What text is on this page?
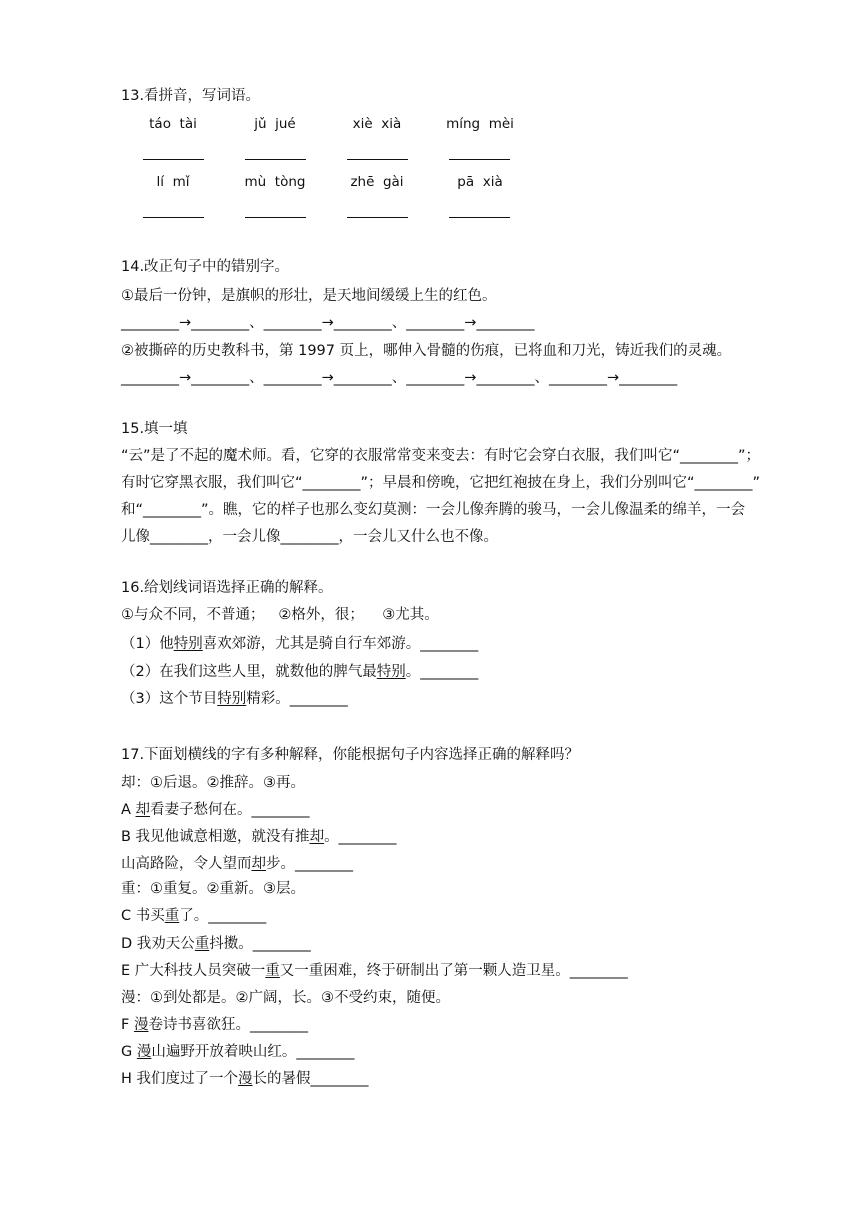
13.看拼音，写词语。

táo  tài	jǔ  jué	xiè  xià	míng  mèi
lí  mǐ	mù  tòng	zhē  gài	pā  xià

14.改正句子中的错别字。

①最后一份钟，是旗帜的形壮，是天地间缓缓上生的红色。

________→________、________→________、________→________

②被撕碎的历史教科书，第 1997 页上，哪伸入骨髓的伤痕，已将血和刀光，铸近我们的灵魂。

________→________、________→________、________→________、________→________

15.填一填

“云”是了不起的魔术师。看，它穿的衣服常常变来变去：有时它会穿白衣服，我们叫它“________”；

有时它穿黑衣服，我们叫它“________”；早晨和傍晚，它把红袍披在身上，我们分别叫它“________”

和“________”。瞧，它的样子也那么变幻莫测：一会儿像奔腾的骏马，一会儿像温柔的绵羊，一会

儿像________，一会儿像________，一会儿又什么也不像。

16.给划线词语选择正确的解释。

①与众不同，不普通；   ②格外，很；    ③尤其。

（1）他特别喜欢郊游，尤其是骑自行车郊游。________

（2）在我们这些人里，就数他的脾气最特别。________

（3）这个节目特别精彩。________

17.下面划横线的字有多种解释，你能根据句子内容选择正确的解释吗？

却：①后退。②推辞。③再。

A 却看妻子愁何在。________

B 我见他诚意相邀，就没有推却。________

山高路险，令人望而却步。________

重：①重复。②重新。③层。

C 书买重了。________

D 我劝天公重抖擞。________

E 广大科技人员突破一重又一重困难，终于研制出了第一颗人造卫星。________

漫：①到处都是。②广阔，长。③不受约束，随便。

F 漫卷诗书喜欲狂。________

G 漫山遍野开放着映山红。________

H 我们度过了一个漫长的暑假________
